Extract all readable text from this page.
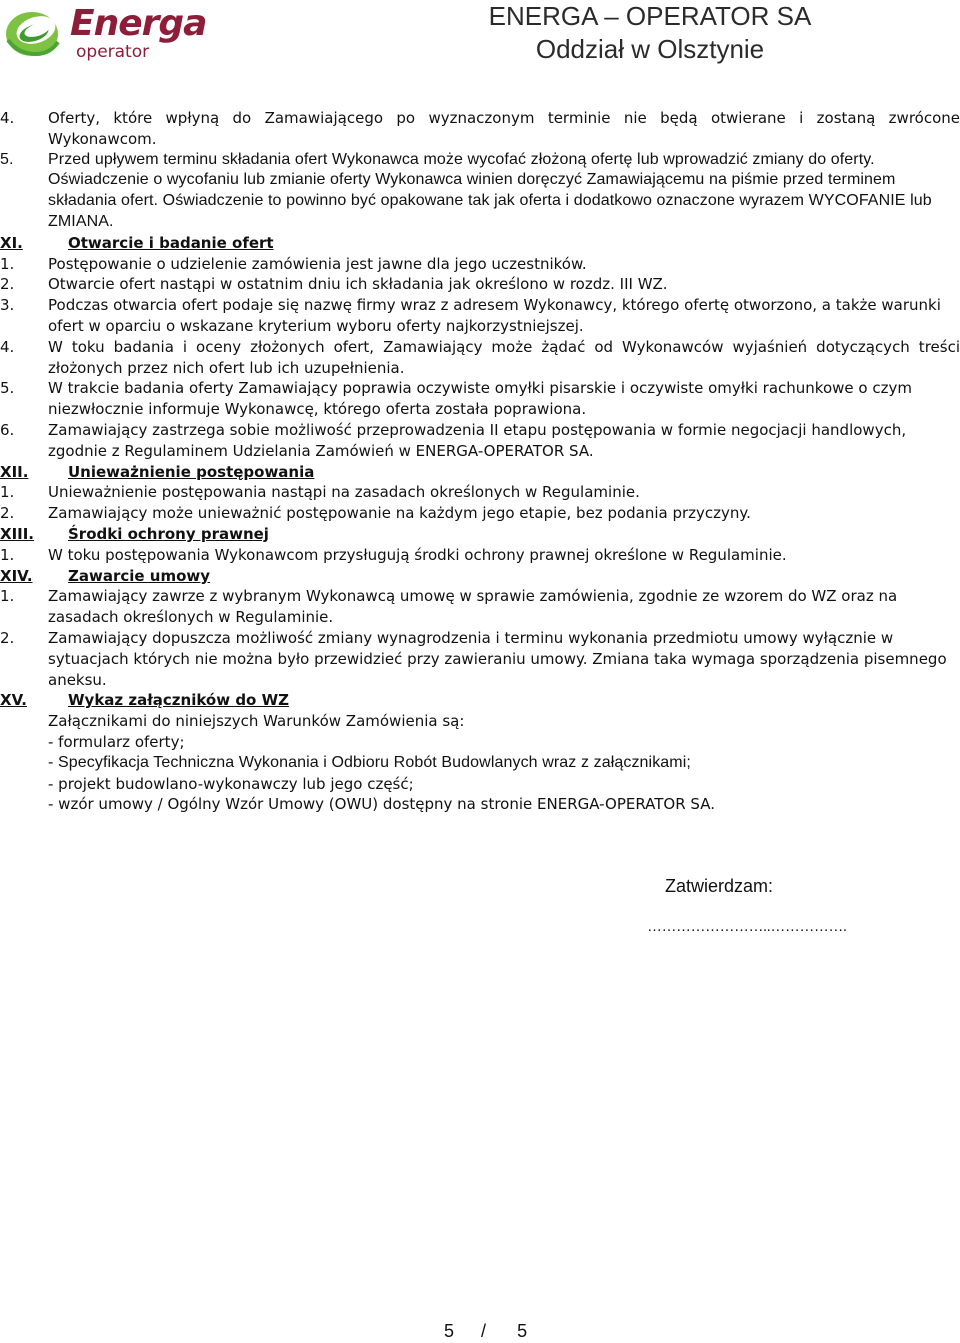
Energa
operator
ENERGA – OPERATOR SA
Oddział w Olsztynie
4.	Oferty, które wpłyną do Zamawiającego po wyznaczonym terminie nie będą otwierane i zostaną zwrócone Wykonawcom.
5.	Przed upływem terminu składania ofert Wykonawca może wycofać złożoną ofertę lub wprowadzić zmiany do oferty. Oświadczenie o wycofaniu lub zmianie oferty Wykonawca winien doręczyć Zamawiającemu na piśmie przed terminem składania ofert. Oświadczenie to powinno być opakowane tak jak oferta i dodatkowo oznaczone wyrazem WYCOFANIE lub ZMIANA.
XI.	Otwarcie i badanie ofert
1.	Postępowanie o udzielenie zamówienia jest jawne dla jego uczestników.
2.	Otwarcie ofert nastąpi w ostatnim dniu ich składania jak określono w rozdz. III WZ.
3.	Podczas otwarcia ofert podaje się nazwę firmy wraz z adresem Wykonawcy, którego ofertę otworzono, a także warunki ofert w oparciu o wskazane kryterium wyboru oferty najkorzystniejszej.
4.	W toku badania i oceny złożonych ofert, Zamawiający może żądać od Wykonawców wyjaśnień dotyczących treści złożonych przez nich ofert lub ich uzupełnienia.
5.	W trakcie badania oferty Zamawiający poprawia oczywiste omyłki pisarskie i oczywiste omyłki rachunkowe o czym niezwłocznie informuje Wykonawcę, którego oferta została poprawiona.
6.	Zamawiający zastrzega sobie możliwość przeprowadzenia II etapu postępowania w formie negocjacji handlowych, zgodnie z Regulaminem Udzielania Zamówień w ENERGA-OPERATOR SA.
XII.	Unieważnienie postępowania
1.	Unieważnienie postępowania nastąpi na zasadach określonych w Regulaminie.
2.	Zamawiający może unieważnić postępowanie na każdym jego etapie, bez podania przyczyny.
XIII.	Środki ochrony prawnej
1.	W toku postępowania Wykonawcom przysługują środki ochrony prawnej określone w Regulaminie.
XIV.	Zawarcie umowy
1.	Zamawiający zawrze z wybranym Wykonawcą umowę w sprawie zamówienia, zgodnie ze wzorem do WZ oraz na zasadach określonych w Regulaminie.
2.	Zamawiający dopuszcza możliwość zmiany wynagrodzenia i terminu wykonania przedmiotu umowy wyłącznie w sytuacjach których nie można było przewidzieć przy zawieraniu umowy. Zmiana taka wymaga sporządzenia pisemnego aneksu.
XV.	Wykaz załączników do WZ
Załącznikami do niniejszych Warunków Zamówienia są:
- formularz oferty;
- Specyfikacja Techniczna Wykonania i Odbioru Robót Budowlanych wraz z załącznikami;
- projekt budowlano-wykonawczy lub jego część;
- wzór umowy / Ogólny Wzór Umowy (OWU) dostępny na stronie ENERGA-OPERATOR SA.
Zatwierdzam:
……………………..…………….
5 / 5
